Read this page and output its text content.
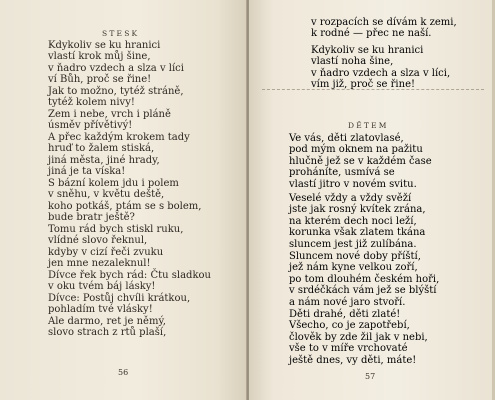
STESK
Kdykoliv se ku hranici
vlastí krok můj šine,
v ňadro vzdech a slza v líci
ví Bůh, proč se řine!
Jak to možno, tytéž stráně,
tytéž kolem nivy!
Zem i nebe, vrch i pláně
úsměv přívětivý!
A přec každým krokem tady
hruď to žalem stiská,
jiná města, jiné hrady,
jiná je ta víska!
S bázní kolem jdu i polem
v sněhu, v květu deště,
koho potkáš, ptám se s bolem,
bude bratr ještě?
Tomu rád bych stiskl ruku,
vlídné slovo řeknul,
kdyby v cizí řeči zvuku
jen mne nezaleknul!
Dívce řek bych rád: Čtu sladkou
v oku tvém báj lásky!
Dívce: Postůj chvíli krátkou,
pohladím tvé vlásky!
Ale darmo, ret je němý,
slovo strach z rtů plaší,
56
v rozpacích se dívám k zemi,
k rodné — přec ne naší.
Kdykoliv se ku hranici
vlastí noha šine,
v ňadro vzdech a slza v líci,
vím již, proč se řine!
DĚTEM
Ve vás, děti zlatovlasé,
pod mým oknem na pažitu
hlučně jež se v každém čase
proháníte, usmívá se
vlastí jitro v novém svitu.
Veselé vždy a vždy svěží
jste jak rosný kvítek zrána,
na kterém dech noci leží,
korunka však zlatem tkána
sluncem jest již zulíbána.
Sluncem nové doby příští,
jež nám kyne velkou zoří,
po tom dlouhém českém hoři,
v srdéčkách vám jež se blýští
a nám nové jaro stvoří.
Děti drahé, děti zlaté!
Všecho, co je zapotřebí,
člověk by zde žil jak v nebi,
vše to v míře vrchovaté
ještě dnes, vy děti, máte!
57
